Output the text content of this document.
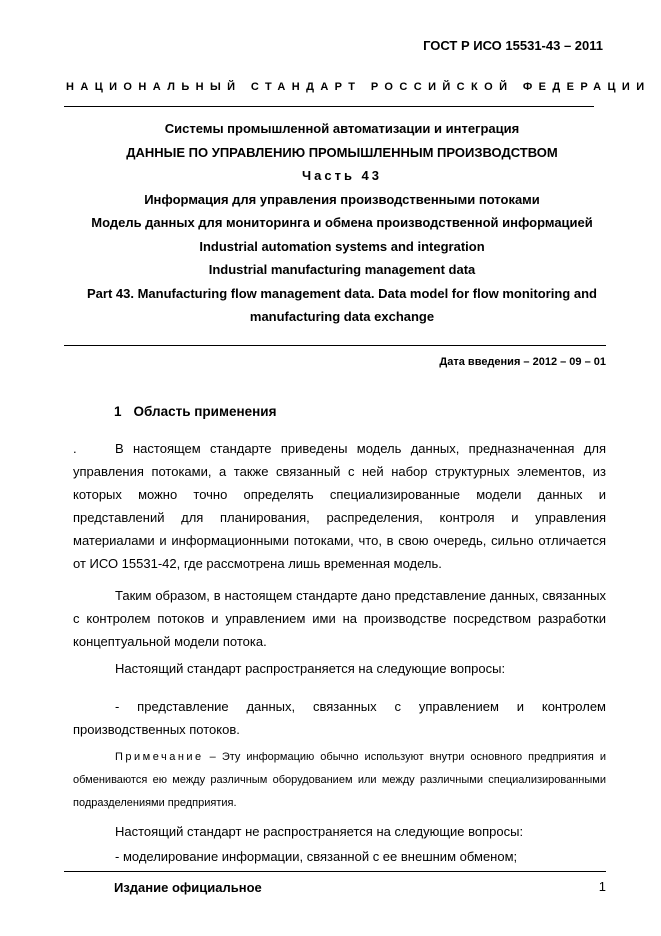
ГОСТ Р ИСО 15531-43 – 2011
НАЦИОНАЛЬНЫЙ СТАНДАРТ РОССИЙСКОЙ ФЕДЕРАЦИИ
Системы промышленной автоматизации и интеграция
ДАННЫЕ ПО УПРАВЛЕНИЮ ПРОМЫШЛЕННЫМ ПРОИЗВОДСТВОМ
Часть 43
Информация для управления производственными потоками
Модель данных для мониторинга и обмена производственной информацией
Industrial automation systems and integration
Industrial manufacturing management data
Part 43. Manufacturing flow management data. Data model for flow monitoring and
manufacturing data exchange
Дата введения – 2012 – 09 – 01
1 Область применения
.	В настоящем стандарте приведены модель данных, предназначенная для управления потоками, а также связанный с ней набор структурных элементов, из которых можно точно определять специализированные модели данных и представлений для планирования, распределения, контроля и управления материалами и информационными потоками, что, в свою очередь, сильно отличается от ИСО 15531-42, где рассмотрена лишь временная модель.
Таким образом, в настоящем стандарте дано представление данных, связанных с контролем потоков и управлением ими на производстве посредством разработки концептуальной модели потока.
Настоящий стандарт распространяется на следующие вопросы:
- представление данных, связанных с управлением и контролем
производственных потоков.
Примечание – Эту информацию обычно используют внутри основного предприятия и обмениваются ею между различным оборудованием или между различными специализированными подразделениями предприятия.
Настоящий стандарт не распространяется на следующие вопросы:
- моделирование информации, связанной с ее внешним обменом;
Издание официальное	1
